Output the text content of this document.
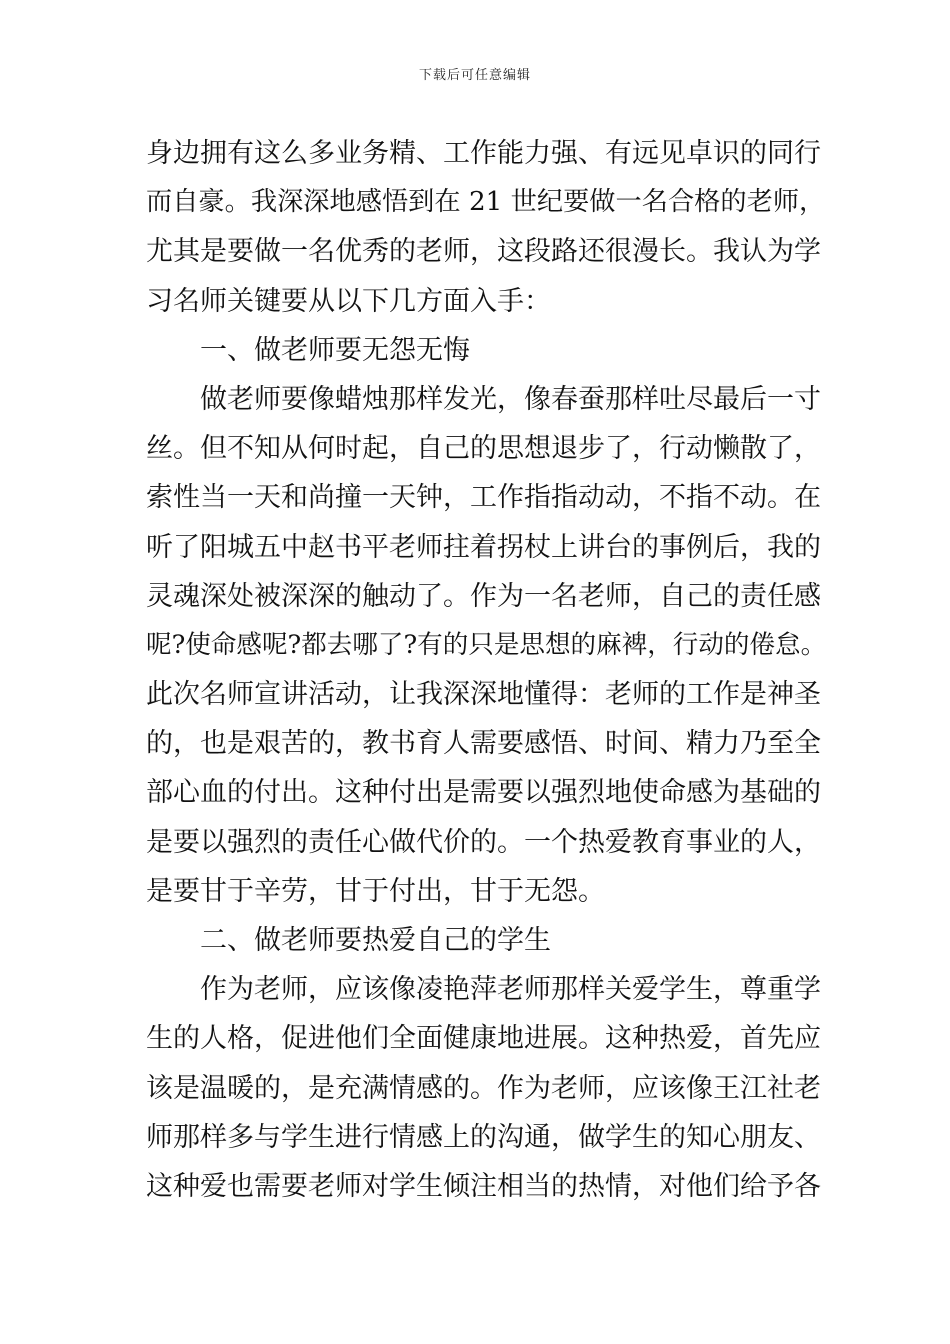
下载后可任意编辑
身边拥有这么多业务精、工作能力强、有远见卓识的同行
而自豪。我深深地感悟到在 21 世纪要做一名合格的老师，
尤其是要做一名优秀的老师，这段路还很漫长。我认为学
习名师关键要从以下几方面入手：
一、做老师要无怨无悔
做老师要像蜡烛那样发光，像春蚕那样吐尽最后一寸
丝。但不知从何时起，自己的思想退步了，行动懒散了，
索性当一天和尚撞一天钟，工作指指动动，不指不动。在
听了阳城五中赵书平老师拄着拐杖上讲台的事例后，我的
灵魂深处被深深的触动了。作为一名老师，自己的责任感
呢?使命感呢?都去哪了?有的只是思想的麻裨，行动的倦怠。
此次名师宣讲活动，让我深深地懂得：老师的工作是神圣
的，也是艰苦的，教书育人需要感悟、时间、精力乃至全
部心血的付出。这种付出是需要以强烈地使命感为基础的
是要以强烈的责任心做代价的。一个热爱教育事业的人，
是要甘于辛劳，甘于付出，甘于无怨。
二、做老师要热爱自己的学生
作为老师，应该像凌艳萍老师那样关爱学生，尊重学
生的人格，促进他们全面健康地进展。这种热爱，首先应
该是温暖的，是充满情感的。作为老师，应该像王江社老
师那样多与学生进行情感上的沟通，做学生的知心朋友、
这种爱也需要老师对学生倾注相当的热情，对他们给予各
